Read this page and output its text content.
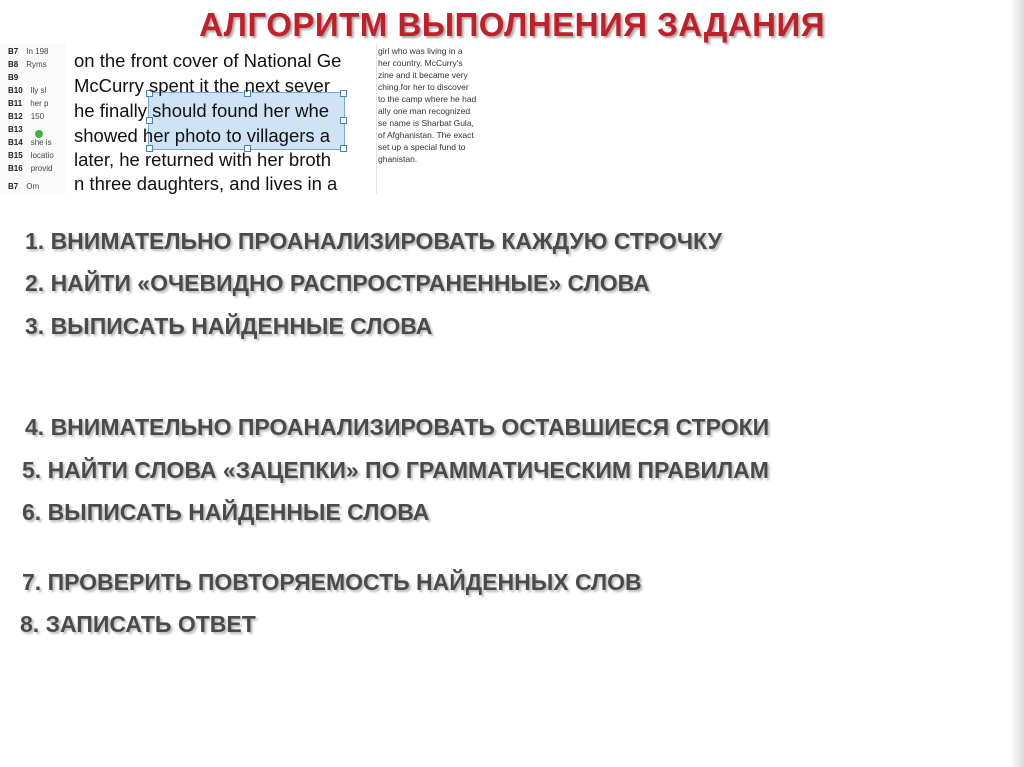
АЛГОРИТМ ВЫПОЛНЕНИЯ ЗАДАНИЯ
B7 In 198
B8 Ryms
B9
B10 lly sl
B11 her p
B12 150
B13
B14 she is
B15 locatio
B16 provid
B7 Om
on the front cover of National Ge
McCurry spent it the next sever
he finally should found her whe
showed her photo to villagers a
later, he returned with her broth
n three daughters, and lives in a
girl who was living in a
her country. McCurry's
zine and it became very
ching for her to discover
to the camp where he had
ally one man recognized
se name is Sharbat Gula,
of Afghanistan. The exact
set up a special fund to
ghanistan.
1. ВНИМАТЕЛЬНО ПРОАНАЛИЗИРОВАТЬ КАЖДУЮ СТРОЧКУ
2. НАЙТИ «ОЧЕВИДНО РАСПРОСТРАНЕННЫЕ» СЛОВА
3. ВЫПИСАТЬ НАЙДЕННЫЕ СЛОВА
4. ВНИМАТЕЛЬНО ПРОАНАЛИЗИРОВАТЬ ОСТАВШИЕСЯ СТРОКИ
5. НАЙТИ СЛОВА «ЗАЦЕПКИ» ПО ГРАММАТИЧЕСКИМ ПРАВИЛАМ
6. ВЫПИСАТЬ НАЙДЕННЫЕ СЛОВА
7. ПРОВЕРИТЬ ПОВТОРЯЕМОСТЬ НАЙДЕННЫХ СЛОВ
8. ЗАПИСАТЬ ОТВЕТ
